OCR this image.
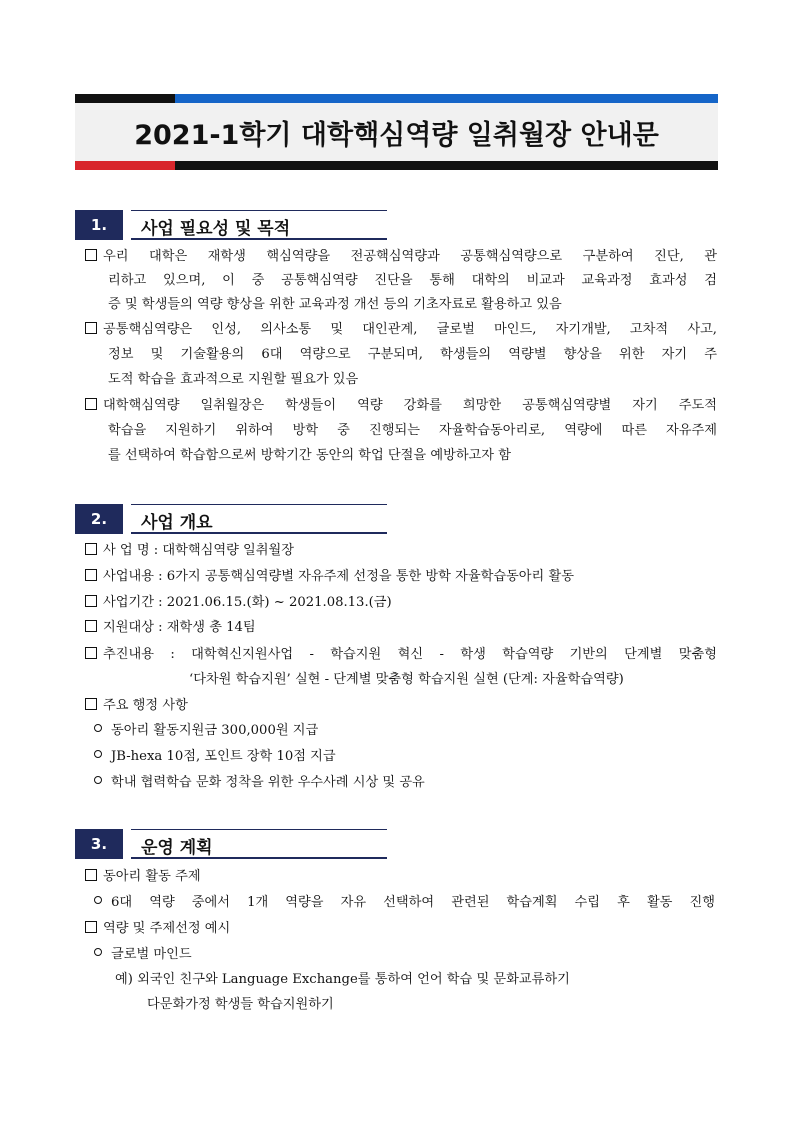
2021-1학기 대학핵심역량 일취월장 안내문
1.	사업 필요성 및 목적
우리 대학은 재학생 핵심역량을 전공핵심역량과 공통핵심역량으로 구분하여 진단, 관
리하고 있으며, 이 중 공통핵심역량 진단을 통해 대학의 비교과 교육과정 효과성 검
증 및 학생들의 역량 향상을 위한 교육과정 개선 등의 기초자료로 활용하고 있음
공통핵심역량은 인성, 의사소통 및 대인관계, 글로벌 마인드, 자기개발, 고차적 사고,
정보 및 기술활용의 6대 역량으로 구분되며, 학생들의 역량별 향상을 위한 자기 주
도적 학습을 효과적으로 지원할 필요가 있음
대학핵심역량 일취월장은 학생들이 역량 강화를 희망한 공통핵심역량별 자기 주도적
학습을 지원하기 위하여 방학 중 진행되는 자율학습동아리로, 역량에 따른 자유주제
를 선택하여 학습함으로써 방학기간 동안의 학업 단절을 예방하고자 함
2.	사업 개요
사 업 명 : 대학핵심역량 일취월장
사업내용 : 6가지 공통핵심역량별 자유주제 선정을 통한 방학 자율학습동아리 활동
사업기간 : 2021.06.15.(화) ~ 2021.08.13.(금)
지원대상 : 재학생 총 14팀
추진내용 : 대학혁신지원사업 - 학습지원 혁신 - 학생 학습역량 기반의 단계별 맞춤형
‘다차원 학습지원’ 실현 - 단계별 맞춤형 학습지원 실현 (단계: 자율학습역량)
주요 행정 사항
동아리 활동지원금 300,000원 지급
JB-hexa 10점, 포인트 장학 10점 지급
학내 협력학습 문화 정착을 위한 우수사례 시상 및 공유
3.	운영 계획
동아리 활동 주제
6대 역량 중에서 1개 역량을 자유 선택하여 관련된 학습계획 수립 후 활동 진행
역량 및 주제선정 예시
글로벌 마인드
예) 외국인 친구와 Language Exchange를 통하여 언어 학습 및 문화교류하기
다문화가정 학생들 학습지원하기
